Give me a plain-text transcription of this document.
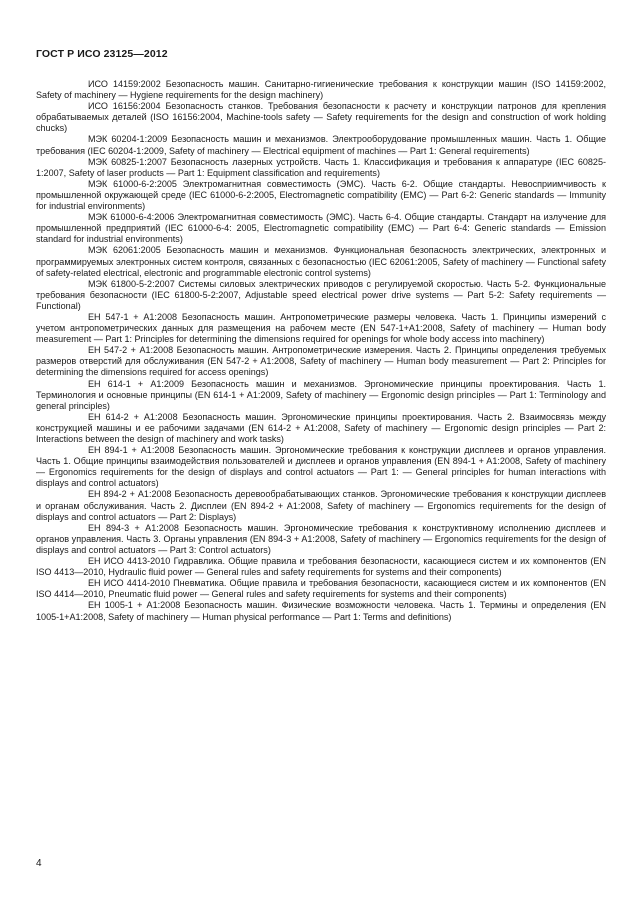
ГОСТ Р ИСО 23125—2012

ИСО 14159:2002 Безопасность машин. Санитарно-гигиенические требования к конструкции машин (ISO 14159:2002, Safety of machinery — Hygiene requirements for the design machinery)

ИСО 16156:2004 Безопасность станков. Требования безопасности к расчету и конструкции патронов для крепления обрабатываемых деталей (ISO 16156:2004, Machine-tools safety — Safety requirements for the design and construction of work holding chucks)

МЭК 60204-1:2009 Безопасность машин и механизмов. Электрооборудование промышленных машин. Часть 1. Общие требования (IEC 60204-1:2009, Safety of machinery — Electrical equipment of machines — Part 1: General requirements)

МЭК 60825-1:2007 Безопасность лазерных устройств. Часть 1. Классификация и требования к аппаратуре (IEC 60825-1:2007, Safety of laser products — Part 1: Equipment classification and requirements)

МЭК 61000-6-2:2005 Электромагнитная совместимость (ЭМС). Часть 6-2. Общие стандарты. Невосприимчивость к промышленной окружающей среде (IEC 61000-6-2:2005, Electromagnetic compatibility (EMC) — Part 6-2: Generic standards — Immunity for industrial environments)

МЭК 61000-6-4:2006 Электромагнитная совместимость (ЭМС). Часть 6-4. Общие стандарты. Стандарт на излучение для промышленной предприятий (IEC 61000-6-4: 2005, Electromagnetic compatibility (EMC) — Part 6-4: Generic standards — Emission standard for industrial environments)

МЭК 62061:2005 Безопасность машин и механизмов. Функциональная безопасность электрических, электронных и программируемых электронных систем контроля, связанных с безопасностью (IEC 62061:2005, Safety of machinery — Functional safety of safety-related electrical, electronic and programmable electronic control systems)

МЭК 61800-5-2:2007 Системы силовых электрических приводов с регулируемой скоростью. Часть 5-2. Функциональные требования безопасности (IEC 61800-5-2:2007, Adjustable speed electrical power drive systems — Part 5-2: Safety requirements — Functional)

ЕН 547-1 + А1:2008 Безопасность машин. Антропометрические размеры человека. Часть 1. Принципы измерений с учетом антропометрических данных для размещения на рабочем месте (EN 547-1+A1:2008, Safety of machinery — Human body measurement — Part 1: Principles for determining the dimensions required for openings for whole body access into machinery)

ЕН 547-2 + А1:2008 Безопасность машин. Антропометрические измерения. Часть 2. Принципы определения требуемых размеров отверстий для обслуживания (EN 547-2 + A1:2008, Safety of machinery — Human body measurement — Part 2: Principles for determining the dimensions required for access openings)

ЕН 614-1 + А1:2009 Безопасность машин и механизмов. Эргономические принципы проектирования. Часть 1. Терминология и основные принципы (EN 614-1 + A1:2009, Safety of machinery — Ergonomic design principles — Part 1: Terminology and general principles)

ЕН 614-2 + А1:2008 Безопасность машин. Эргономические принципы проектирования. Часть 2. Взаимосвязь между конструкцией машины и ее рабочими задачами (EN 614-2 + A1:2008, Safety of machinery — Ergonomic design principles — Part 2: Interactions between the design of machinery and work tasks)

ЕН 894-1 + А1:2008 Безопасность машин. Эргономические требования к конструкции дисплеев и органов управления. Часть 1. Общие принципы взаимодействия пользователей и дисплеев и органов управления (EN 894-1 + A1:2008, Safety of machinery — Ergonomics requirements for the design of displays and control actuators — Part 1: — General principles for human interactions with displays and control actuators)

ЕН 894-2 + А1:2008 Безопасность деревообрабатывающих станков. Эргономические требования к конструкции дисплеев и органам обслуживания. Часть 2. Дисплеи (EN 894-2 + A1:2008, Safety of machinery — Ergonomics requirements for the design of displays and control actuators — Part 2: Displays)

ЕН 894-3 + А1:2008 Безопасность машин. Эргономические требования к конструктивному исполнению дисплеев и органов управления. Часть 3. Органы управления (EN 894-3 + A1:2008, Safety of machinery — Ergonomics requirements for the design of displays and control actuators — Part 3: Control actuators)

ЕН ИСО 4413-2010 Гидравлика. Общие правила и требования безопасности, касающиеся систем и их компонентов (EN ISO 4413—2010, Hydraulic fluid power — General rules and safety requirements for systems and their components)

ЕН ИСО 4414-2010 Пневматика. Общие правила и требования безопасности, касающиеся систем и их компонентов (EN ISO 4414—2010, Pneumatic fluid power — General rules and safety requirements for systems and their components)

ЕН 1005-1 + А1:2008 Безопасность машин. Физические возможности человека. Часть 1. Термины и определения (EN 1005-1+A1:2008, Safety of machinery — Human physical performance — Part 1: Terms and definitions)

4
